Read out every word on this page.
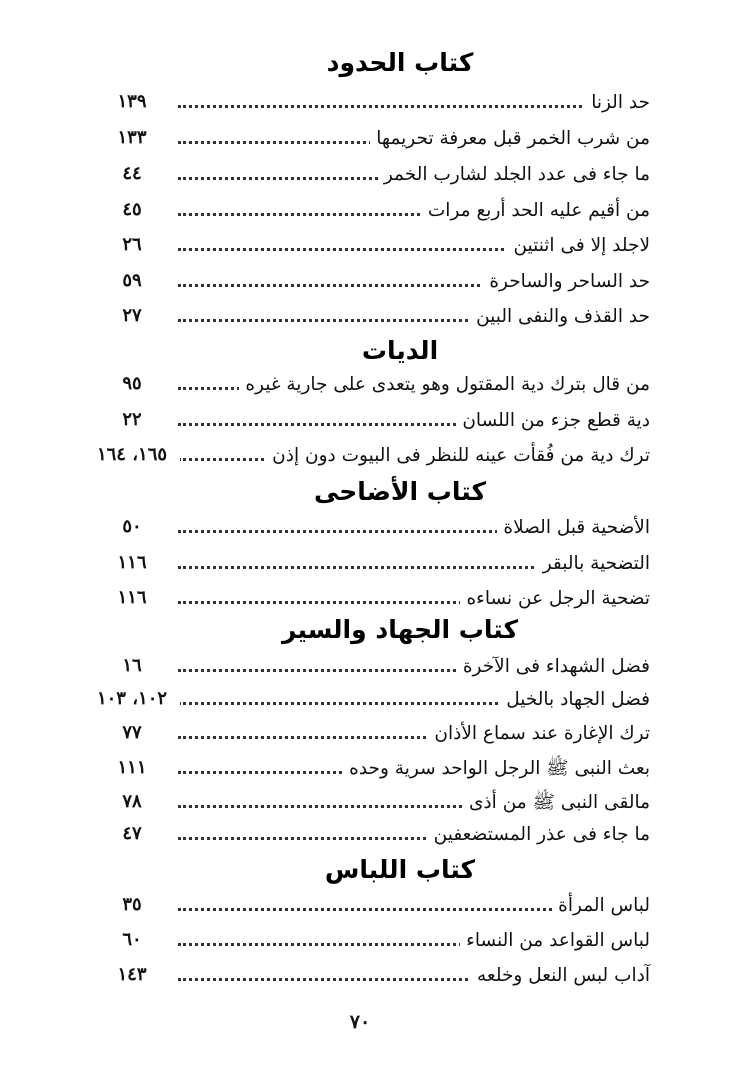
كتاب الحدود
حد الزنا
١٣٩
من شرب الخمر قبل معرفة تحريمها
١٣٣
ما جاء فى عدد الجلد لشارب الخمر
٤٤
من أقيم عليه الحد أربع مرات
٤٥
لاجلد إلا فى اثنتين
٢٦
حد الساحر والساحرة
٥٩
حد القذف والنفى البين
٢٧
الديات
من قال بترك دية المقتول وهو يتعدى على جارية غيره
٩٥
دية قطع جزء من اللسان
٢٢
ترك دية من فُقأت عينه للنظر فى البيوت دون إذن
١٦٥، ١٦٤
كتاب الأضاحى
الأضحية قبل الصلاة
٥٠
التضحية بالبقر
١١٦
تضحية الرجل عن نساءه
١١٦
كتاب الجهاد والسير
فضل الشهداء فى الآخرة
١٦
فضل الجهاد بالخيل
١٠٢، ١٠٣
ترك الإغارة عند سماع الأذان
٧٧
بعث النبى ﷺ الرجل الواحد سرية وحده
١١١
مالقى النبى ﷺ من أذى
٧٨
ما جاء فى عذر المستضعفين
٤٧
كتاب اللباس
لباس المرأة
٣٥
لباس القواعد من النساء
٦٠
آداب لبس النعل وخلعه
١٤٣
٧٠
